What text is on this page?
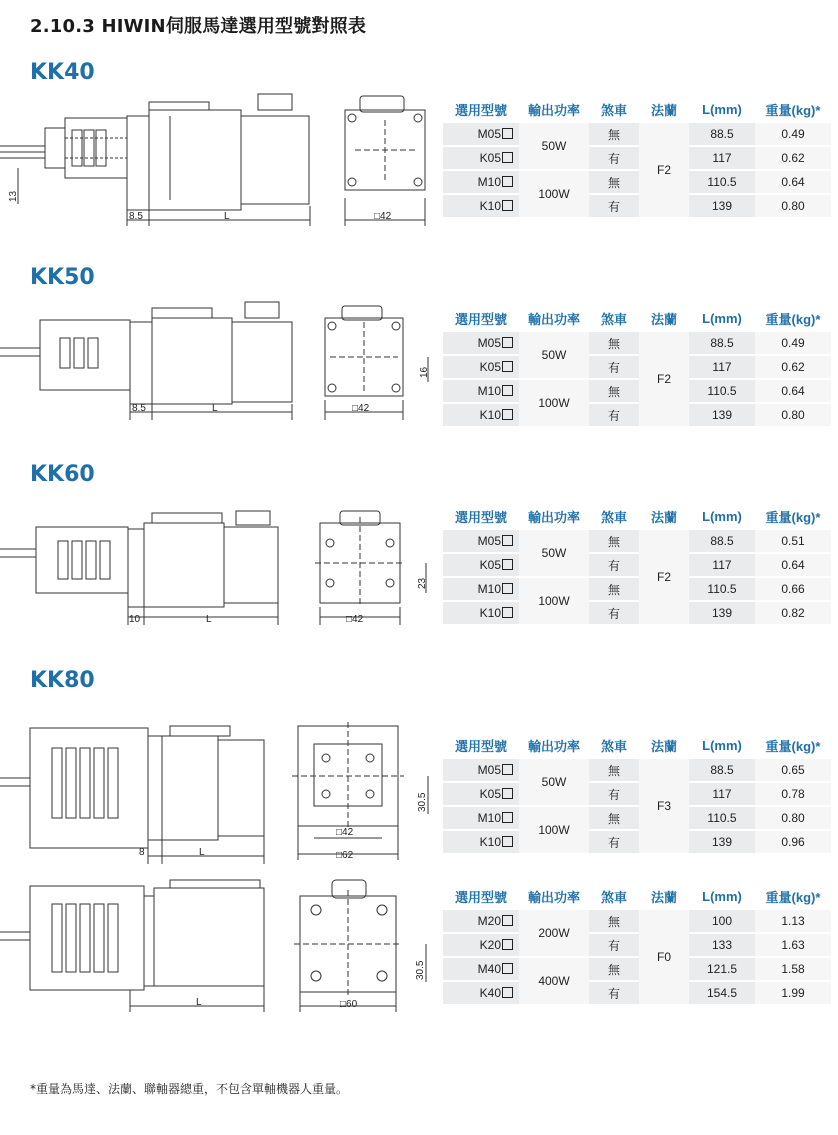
2.10.3 HIWIN伺服馬達選用型號對照表
KK40
KK50
KK60
KK80
8.5	L	□42
13
8.5	L	□42
16
10	L	□42
23
8	L
□42
□62
30.5
L	□60
30.5
選用型號	輸出功率	煞車	法蘭	L(mm)	重量(kg)*
M05	50W	無	F2	88.5	0.49
K05		有		117	0.62
M10	100W	無		110.5	0.64
K10		有		139	0.80
選用型號	輸出功率	煞車	法蘭	L(mm)	重量(kg)*
M05	50W	無	F2	88.5	0.49
K05		有		117	0.62
M10	100W	無		110.5	0.64
K10		有		139	0.80
選用型號	輸出功率	煞車	法蘭	L(mm)	重量(kg)*
M05	50W	無	F2	88.5	0.51
K05		有		117	0.64
M10	100W	無		110.5	0.66
K10		有		139	0.82
選用型號	輸出功率	煞車	法蘭	L(mm)	重量(kg)*
M05	50W	無	F3	88.5	0.65
K05		有		117	0.78
M10	100W	無		110.5	0.80
K10		有		139	0.96
選用型號	輸出功率	煞車	法蘭	L(mm)	重量(kg)*
M20	200W	無	F0	100	1.13
K20		有		133	1.63
M40	400W	無		121.5	1.58
K40		有		154.5	1.99
*重量為馬達、法蘭、聯軸器總重，不包含單軸機器人重量。
